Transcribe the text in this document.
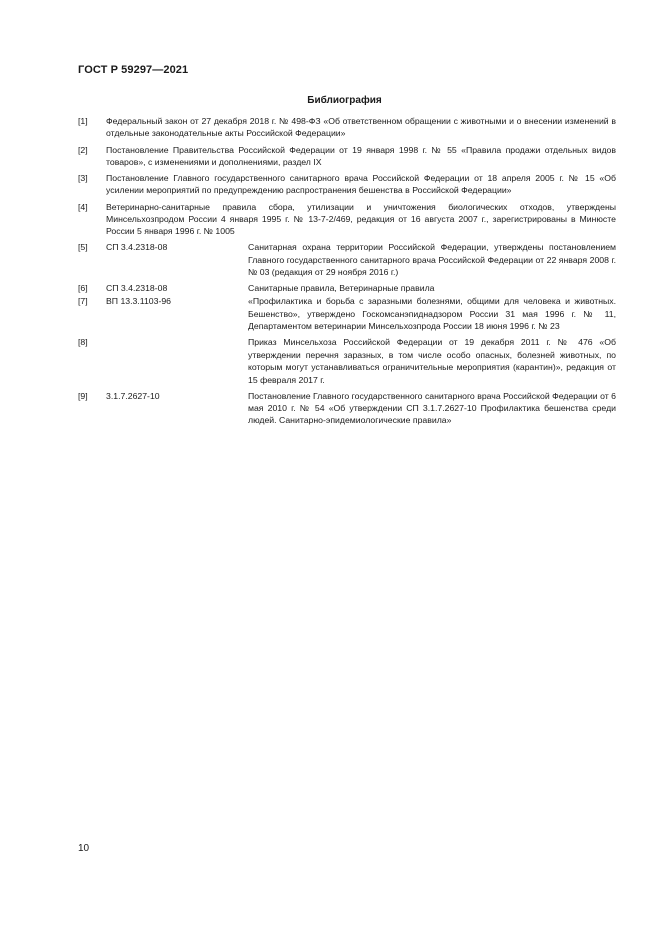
ГОСТ Р 59297—2021
Библиография
[1] Федеральный закон от 27 декабря 2018 г. № 498-ФЗ «Об ответственном обращении с животными и о внесении изменений в отдельные законодательные акты Российской Федерации»
[2] Постановление Правительства Российской Федерации от 19 января 1998 г. № 55 «Правила продажи отдельных видов товаров», с изменениями и дополнениями, раздел IX
[3] Постановление Главного государственного санитарного врача Российской Федерации от 18 апреля 2005 г. № 15 «Об усилении мероприятий по предупреждению распространения бешенства в Российской Федерации»
[4] Ветеринарно-санитарные правила сбора, утилизации и уничтожения биологических отходов, утверждены Минсельхозпродом России 4 января 1995 г. № 13-7-2/469, редакция от 16 августа 2007 г., зарегистрированы в Минюсте России 5 января 1996 г. № 1005
[5] СП 3.4.2318-08	Санитарная охрана территории Российской Федерации, утверждены постановлением Главного государственного санитарного врача Российской Федерации от 22 января 2008 г. № 03 (редакция от 29 ноября 2016 г.)
[6] СП 3.4.2318-08	Санитарные правила, Ветеринарные правила
[7] ВП 13.3.1103-96	«Профилактика и борьба с заразными болезнями, общими для человека и животных. Бешенство», утверждено Госкомсанэпиднадзором России 31 мая 1996 г. № 11, Департаментом ветеринарии Минсельхозпрода России 18 июня 1996 г. № 23
[8]	Приказ Минсельхоза Российской Федерации от 19 декабря 2011 г. № 476 «Об утверждении перечня заразных, в том числе особо опасных, болезней животных, по которым могут устанавливаться ограничительные мероприятия (карантин)», редакция от 15 февраля 2017 г.
[9] 3.1.7.2627-10	Постановление Главного государственного санитарного врача Российской Федерации от 6 мая 2010 г. № 54 «Об утверждении СП 3.1.7.2627-10 Профилактика бешенства среди людей. Санитарно-эпидемиологические правила»
10
